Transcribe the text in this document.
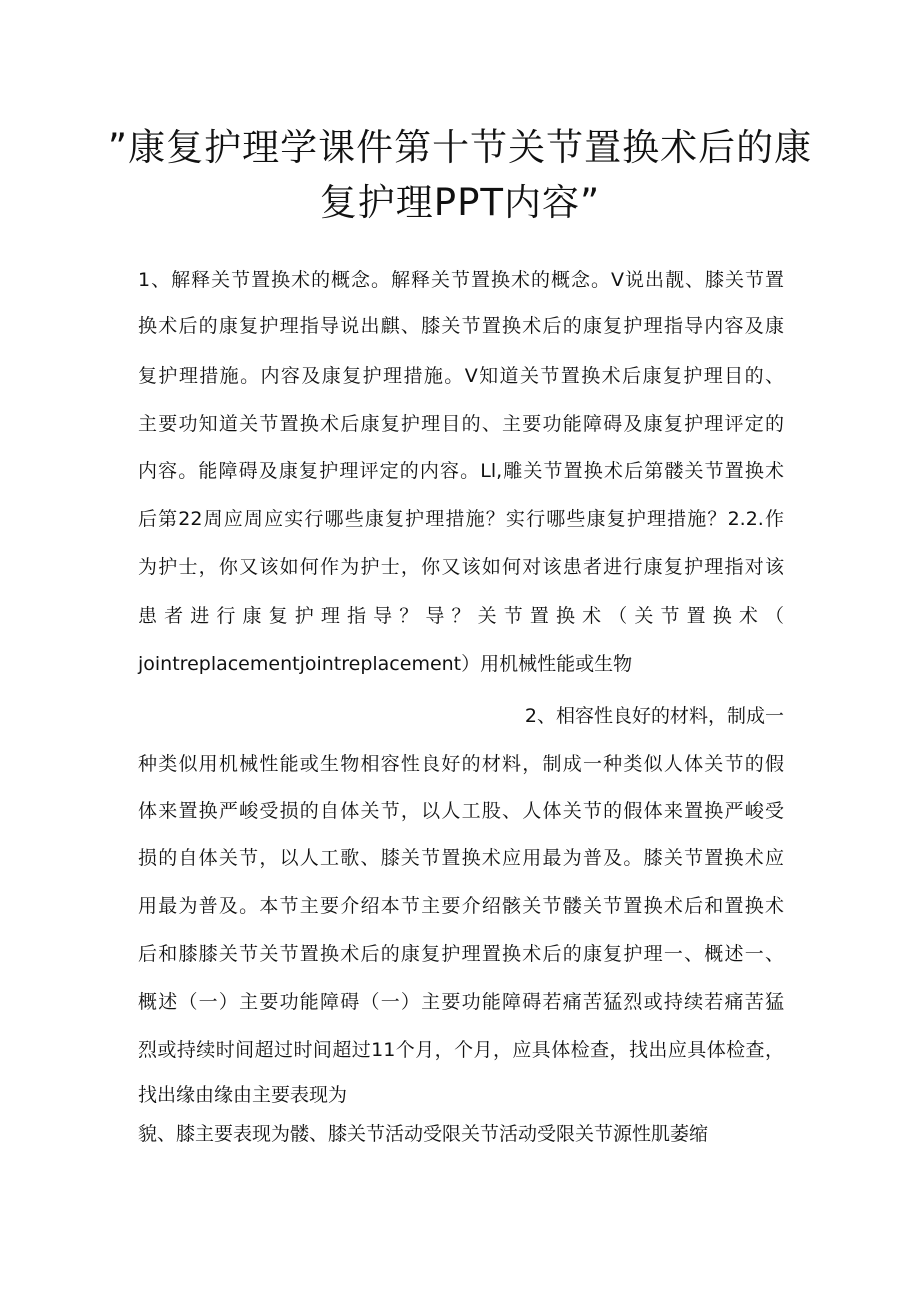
”康复护理学课件第十节关节置换术后的康
复护理PPT内容”
1、解释关节置换术的概念。解释关节置换术的概念。V说出靓、膝关节置
换术后的康复护理指导说出麒、膝关节置换术后的康复护理指导内容及康
复护理措施。内容及康复护理措施。V知道关节置换术后康复护理目的、
主要功知道关节置换术后康复护理目的、主要功能障碍及康复护理评定的
内容。能障碍及康复护理评定的内容。Ll,雕关节置换术后第髅关节置换术
后第22周应周应实行哪些康复护理措施？实行哪些康复护理措施？2.2.作
为护士，你又该如何作为护士，你又该如何对该患者进行康复护理指对该
患者进行康复护理指导？导？关节置换术（关节置换术（
jointreplacementjointreplacement）用机械性能或生物
2、相容性良好的材料，制成一
种类似用机械性能或生物相容性良好的材料，制成一种类似人体关节的假
体来置换严峻受损的自体关节，以人工股、人体关节的假体来置换严峻受
损的自体关节，以人工歌、膝关节置换术应用最为普及。膝关节置换术应
用最为普及。本节主要介绍本节主要介绍骸关节髅关节置换术后和置换术
后和膝膝关节关节置换术后的康复护理置换术后的康复护理一、概述一、
概述（一）主要功能障碍（一）主要功能障碍若痛苦猛烈或持续若痛苦猛
烈或持续时间超过时间超过11个月，个月，应具体检查，找出应具体检查，
找出缘由缘由主要表现为
貌、膝主要表现为髅、膝关节活动受限关节活动受限关节源性肌萎缩
